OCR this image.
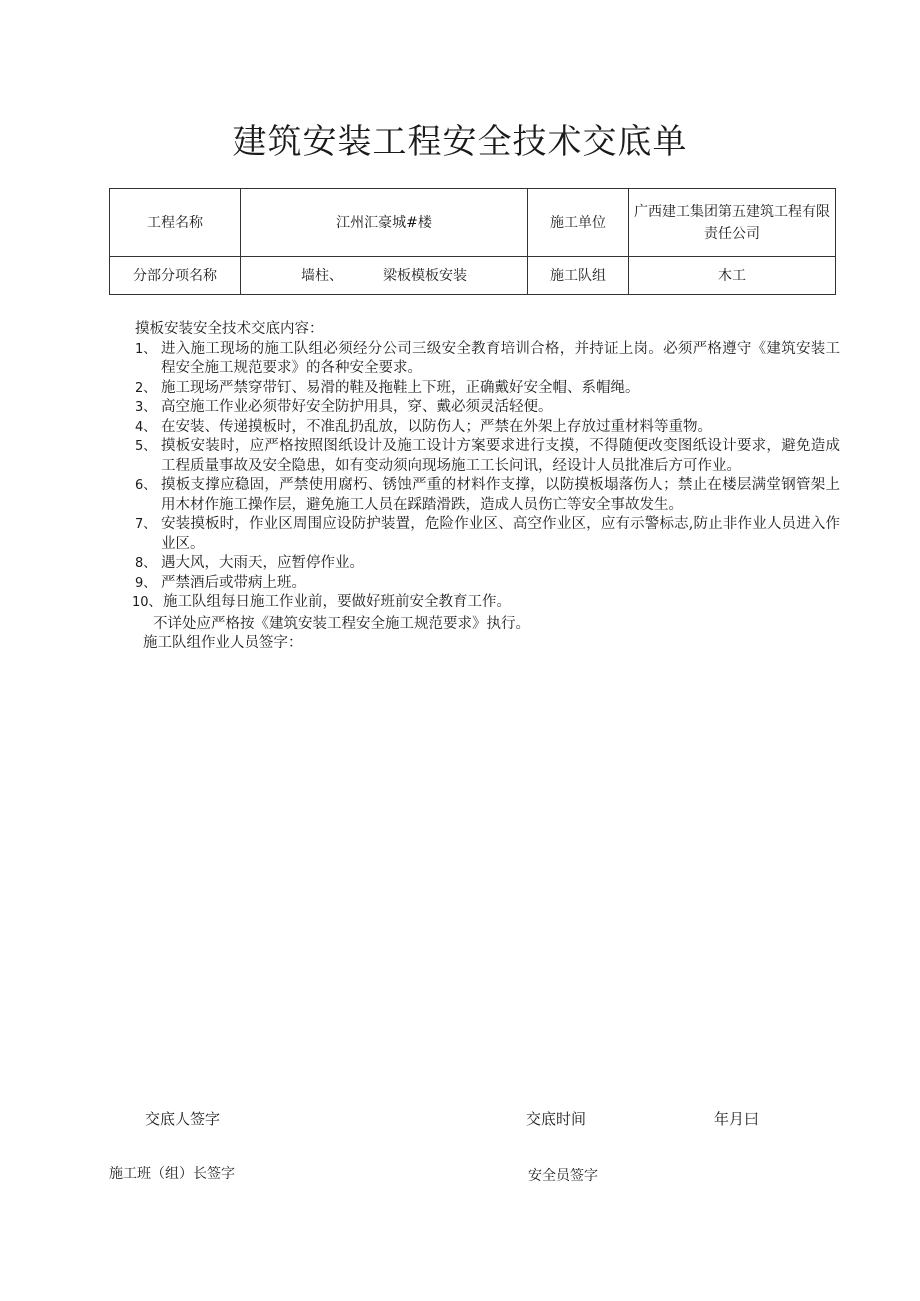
建筑安装工程安全技术交底单
工程名称	江州汇豪城#楼	施工单位	广西建工集团第五建筑工程有限责任公司
分部分项名称	墙柱、 梁板模板安装	施工队组	木工

摸板安装安全技术交底内容：

1、 进入施工现场的施工队组必须经分公司三级安全教育培训合格，并持证上岗。必须严格遵守《建筑安装工程安全施工规范要求》的各种安全要求。
2、 施工现场严禁穿带钉、易滑的鞋及拖鞋上下班，正确戴好安全帽、系帽绳。
3、 高空施工作业必须带好安全防护用具，穿、戴必须灵活轻便。
4、 在安装、传递摸板时，不准乱扔乱放，以防伤人；严禁在外架上存放过重材料等重物。
5、 摸板安装时，应严格按照图纸设计及施工设计方案要求进行支摸，不得随便改变图纸设计要求，避免造成工程质量事故及安全隐患，如有变动须向现场施工工长问讯，经设计人员批准后方可作业。
6、 摸板支撑应稳固，严禁使用腐朽、锈蚀严重的材料作支撑，以防摸板塌落伤人；禁止在楼层满堂钢管架上用木材作施工操作层，避免施工人员在踩踏滑跌，造成人员伤亡等安全事故发生。
7、 安装摸板时，作业区周围应设防护装置，危险作业区、高空作业区，应有示警标志,防止非作业人员进入作业区。
8、 遇大风，大雨天，应暂停作业。
9、 严禁酒后或带病上班。
10、 施工队组每日施工作业前，要做好班前安全教育工作。

不详处应严格按《建筑安装工程安全施工规范要求》执行。

施工队组作业人员签字：

交底人签字	交底时间	年月曰
施工班（组）长签字	安全员签字
